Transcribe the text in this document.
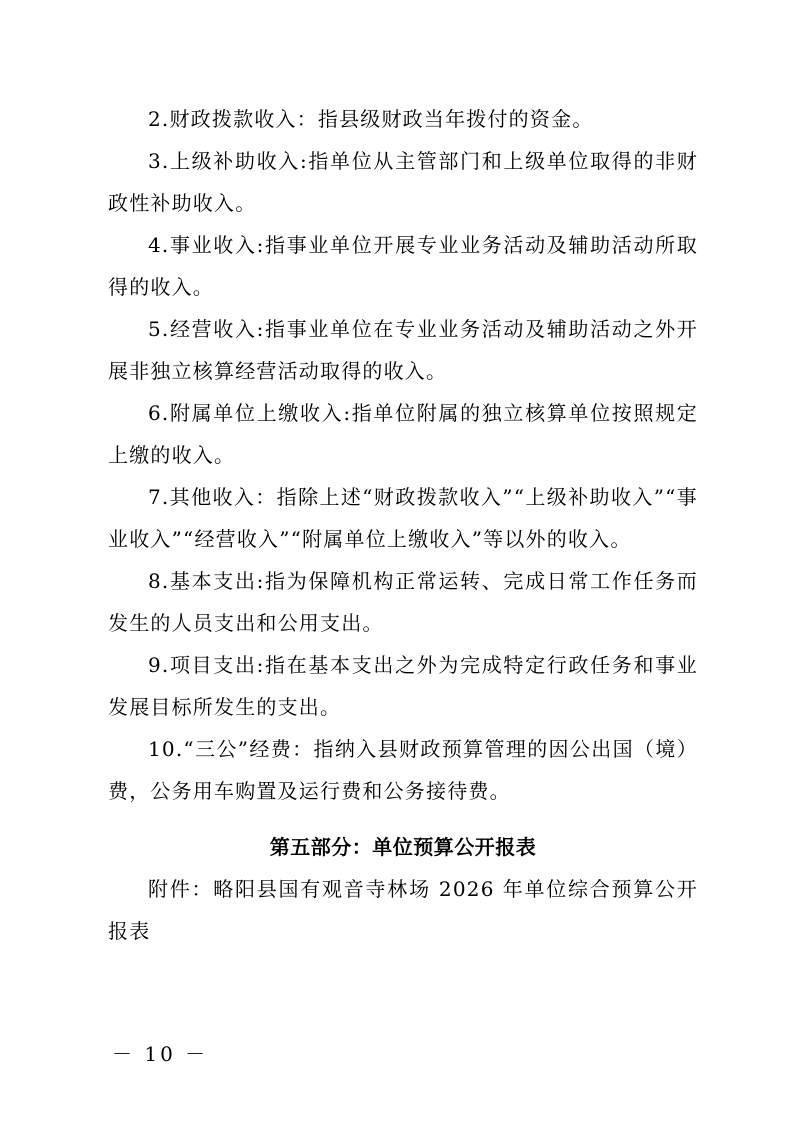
2.财政拨款收入：指县级财政当年拨付的资金。

3.上级补助收入:指单位从主管部门和上级单位取得的非财政性补助收入。

4.事业收入:指事业单位开展专业业务活动及辅助活动所取得的收入。

5.经营收入:指事业单位在专业业务活动及辅助活动之外开展非独立核算经营活动取得的收入。

6.附属单位上缴收入:指单位附属的独立核算单位按照规定上缴的收入。

7.其他收入：指除上述“财政拨款收入”“上级补助收入”“事业收入”“经营收入”“附属单位上缴收入”等以外的收入。

8.基本支出:指为保障机构正常运转、完成日常工作任务而发生的人员支出和公用支出。

9.项目支出:指在基本支出之外为完成特定行政任务和事业发展目标所发生的支出。

10.“三公”经费：指纳入县财政预算管理的因公出国（境）费，公务用车购置及运行费和公务接待费。

第五部分：单位预算公开报表

附件：略阳县国有观音寺林场 2026 年单位综合预算公开报表

－ 10 －
